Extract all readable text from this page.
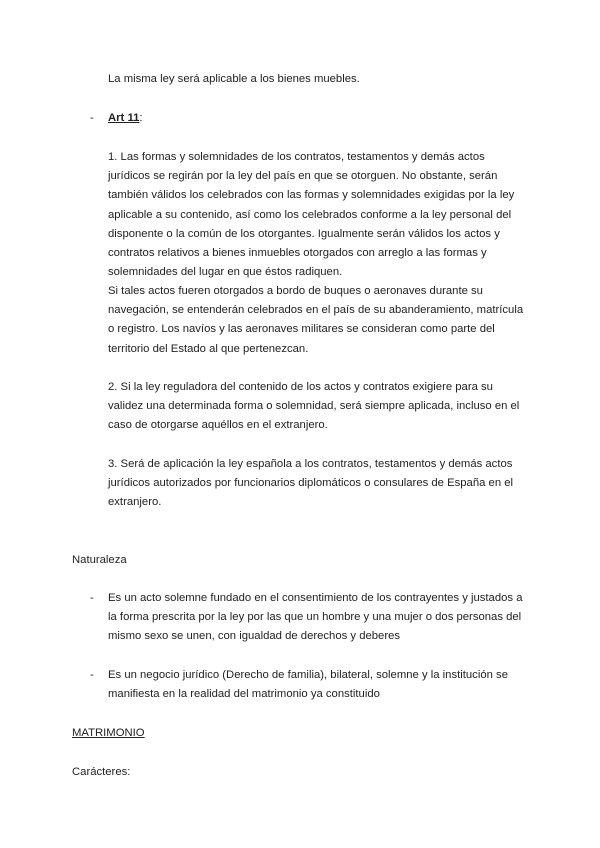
La misma ley será aplicable a los bienes muebles.

- Art 11:

1. Las formas y solemnidades de los contratos, testamentos y demás actos jurídicos se regirán por la ley del país en que se otorguen. No obstante, serán también válidos los celebrados con las formas y solemnidades exigidas por la ley aplicable a su contenido, así como los celebrados conforme a la ley personal del disponente o la común de los otorgantes. Igualmente serán válidos los actos y contratos relativos a bienes inmuebles otorgados con arreglo a las formas y solemnidades del lugar en que éstos radiquen.

Si tales actos fueren otorgados a bordo de buques o aeronaves durante su navegación, se entenderán celebrados en el país de su abanderamiento, matrícula o registro. Los navíos y las aeronaves militares se consideran como parte del territorio del Estado al que pertenezcan.

2. Si la ley reguladora del contenido de los actos y contratos exigiere para su validez una determinada forma o solemnidad, será siempre aplicada, incluso en el caso de otorgarse aquéllos en el extranjero.

3. Será de aplicación la ley española a los contratos, testamentos y demás actos jurídicos autorizados por funcionarios diplomáticos o consulares de España en el extranjero.

Naturaleza

- Es un acto solemne fundado en el consentimiento de los contrayentes y justados a la forma prescrita por la ley por las que un hombre y una mujer o dos personas del mismo sexo se unen, con igualdad de derechos y deberes

- Es un negocio jurídico (Derecho de familia), bilateral, solemne y la institución se manifiesta en la realidad del matrimonio ya constituido

MATRIMONIO

Carácteres:
